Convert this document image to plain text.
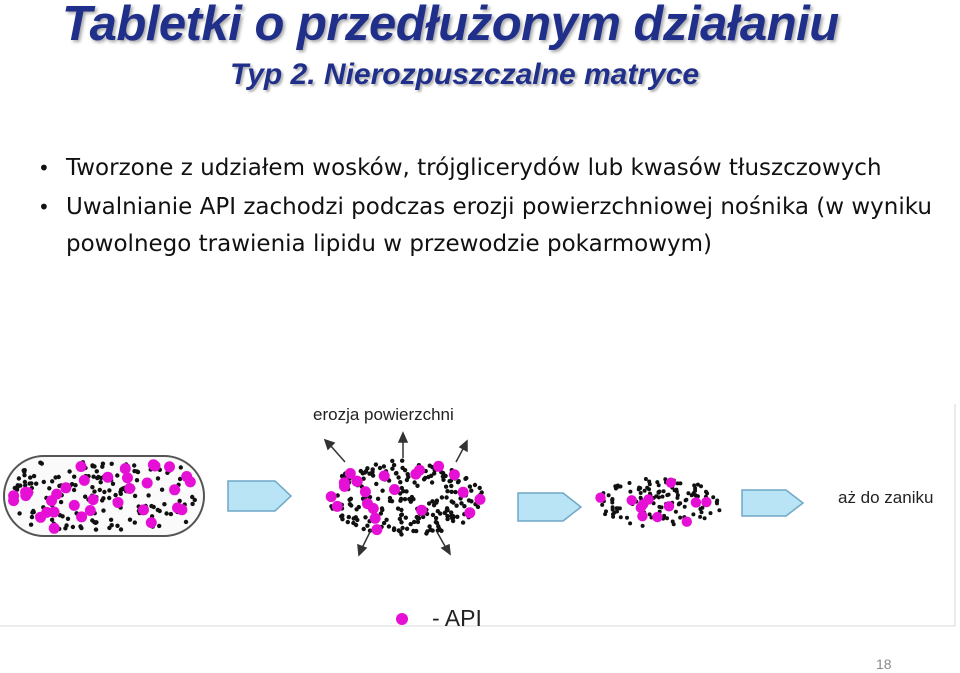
Tabletki o przedłużonym działaniu
Typ 2. Nierozpuszczalne matryce
• Tworzone z udziałem wosków, trójglicerydów lub kwasów tłuszczowych
• Uwalnianie API zachodzi podczas erozji powierzchniowej nośnika (w wyniku powolnego trawienia lipidu w przewodzie pokarmowym)
erozja powierzchni
aż do zaniku
- API
18
